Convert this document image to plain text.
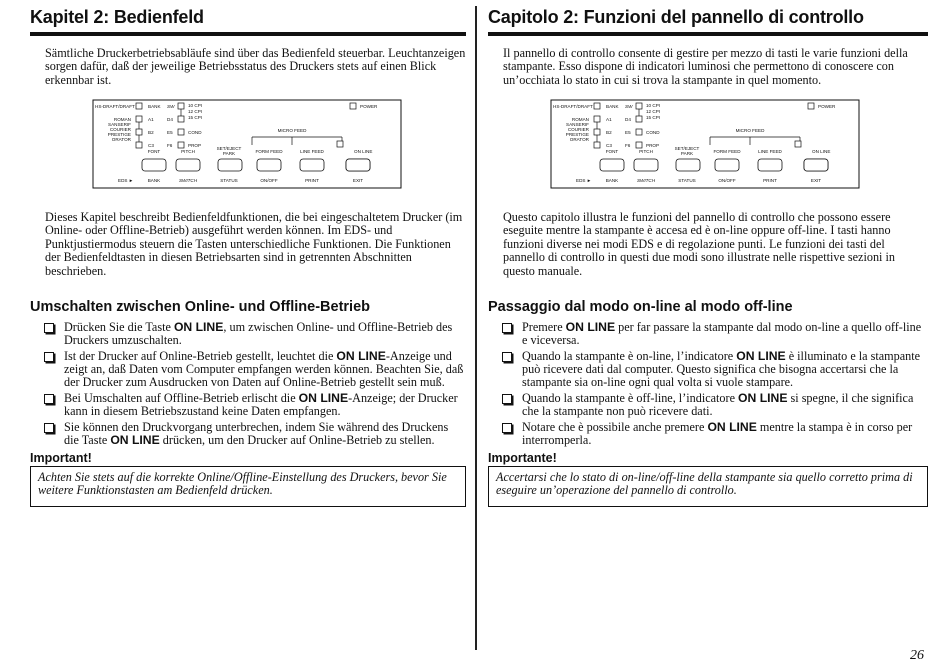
Kapitel 2: Bedienfeld
Sämtliche Druckerbetriebsabläufe sind über das Bedienfeld steuerbar. Leuchtanzeigen sorgen dafür, daß der jeweilige Betriebsstatus des Druckers stets auf einen Blick erkennbar ist.
HS-DRAFT/DRAFT
ROMAN
SANSERIF
COURIER
PRESTIGE
ORATOR
BANK
A1
B2
C3
SW
D4
E5
F6
10 CPI
12 CPI
15 CPI
COND
PROP
POWER
MICRO FEED
ON LINE
FONT	PITCH
SET/EJECT
PARK	FORM FEED	LINE FEED
EDS ►	BANK	SWITCH	STATUS	ON/OFF	PRINT	EXIT
Dieses Kapitel beschreibt Bedienfeldfunktionen, die bei eingeschaltetem Drucker (im Online- oder Offline-Betrieb) ausgeführt werden können. Im EDS- und Punktjustiermodus steuern die Tasten unterschiedliche Funktionen. Die Funktionen der Bedienfeldtasten in diesen Betriebsarten sind in getrennten Abschnitten beschrieben.
Umschalten zwischen Online- und Offline-Betrieb
Drücken Sie die Taste ON LINE, um zwischen Online- und Offline-Betrieb des Druckers umzuschalten.
Ist der Drucker auf Online-Betrieb gestellt, leuchtet die ON LINE-Anzeige und zeigt an, daß Daten vom Computer empfangen werden können. Beachten Sie, daß der Drucker zum Ausdrucken von Daten auf Online-Betrieb gestellt sein muß.
Bei Umschalten auf Offline-Betrieb erlischt die ON LINE-Anzeige; der Drucker kann in diesem Betriebszustand keine Daten empfangen.
Sie können den Druckvorgang unterbrechen, indem Sie während des Druckens die Taste ON LINE drücken, um den Drucker auf Online-Betrieb zu stellen.
Important!
Achten Sie stets auf die korrekte Online/Offline-Einstellung des Druckers, bevor Sie weitere Funktionstasten am Bedienfeld drücken.
Capitolo 2: Funzioni del pannello di controllo
Il pannello di controllo consente di gestire per mezzo di tasti le varie funzioni della stampante. Esso dispone di indicatori luminosi che permettono di conoscere con un’occhiata lo stato in cui si trova la stampante in quel momento.
HS-DRAFT/DRAFT
ROMAN
SANSERIF
COURIER
PRESTIGE
ORATOR
BANK
A1
B2
C3
SW
D4
E5
F6
10 CPI
12 CPI
15 CPI
COND
PROP
POWER
MICRO FEED
ON LINE
FONT	PITCH
SET/EJECT
PARK	FORM FEED	LINE FEED
EDS ►	BANK	SWITCH	STATUS	ON/OFF	PRINT	EXIT
Questo capitolo illustra le funzioni del pannello di controllo che possono essere eseguite mentre la stampante è accesa ed è on-line oppure off-line. I tasti hanno funzioni diverse nei modi EDS e di regolazione punti. Le funzioni dei tasti del pannello di controllo in questi due modi sono illustrate nelle rispettive sezioni in questo manuale.
Passaggio dal modo on-line al modo off-line
Premere ON LINE per far passare la stampante dal modo on-line a quello off-line e viceversa.
Quando la stampante è on-line, l’indicatore ON LINE è illuminato e la stampante può ricevere dati dal computer. Questo significa che bisogna accertarsi che la stampante sia on-line ogni qual volta si vuole stampare.
Quando la stampante è off-line, l’indicatore ON LINE si spegne, il che significa che la stampante non può ricevere dati.
Notare che è possibile anche premere ON LINE mentre la stampa è in corso per interromperla.
Importante!
Accertarsi che lo stato di on-line/off-line della stampante sia quello corretto prima di eseguire un’operazione del pannello di controllo.
26
